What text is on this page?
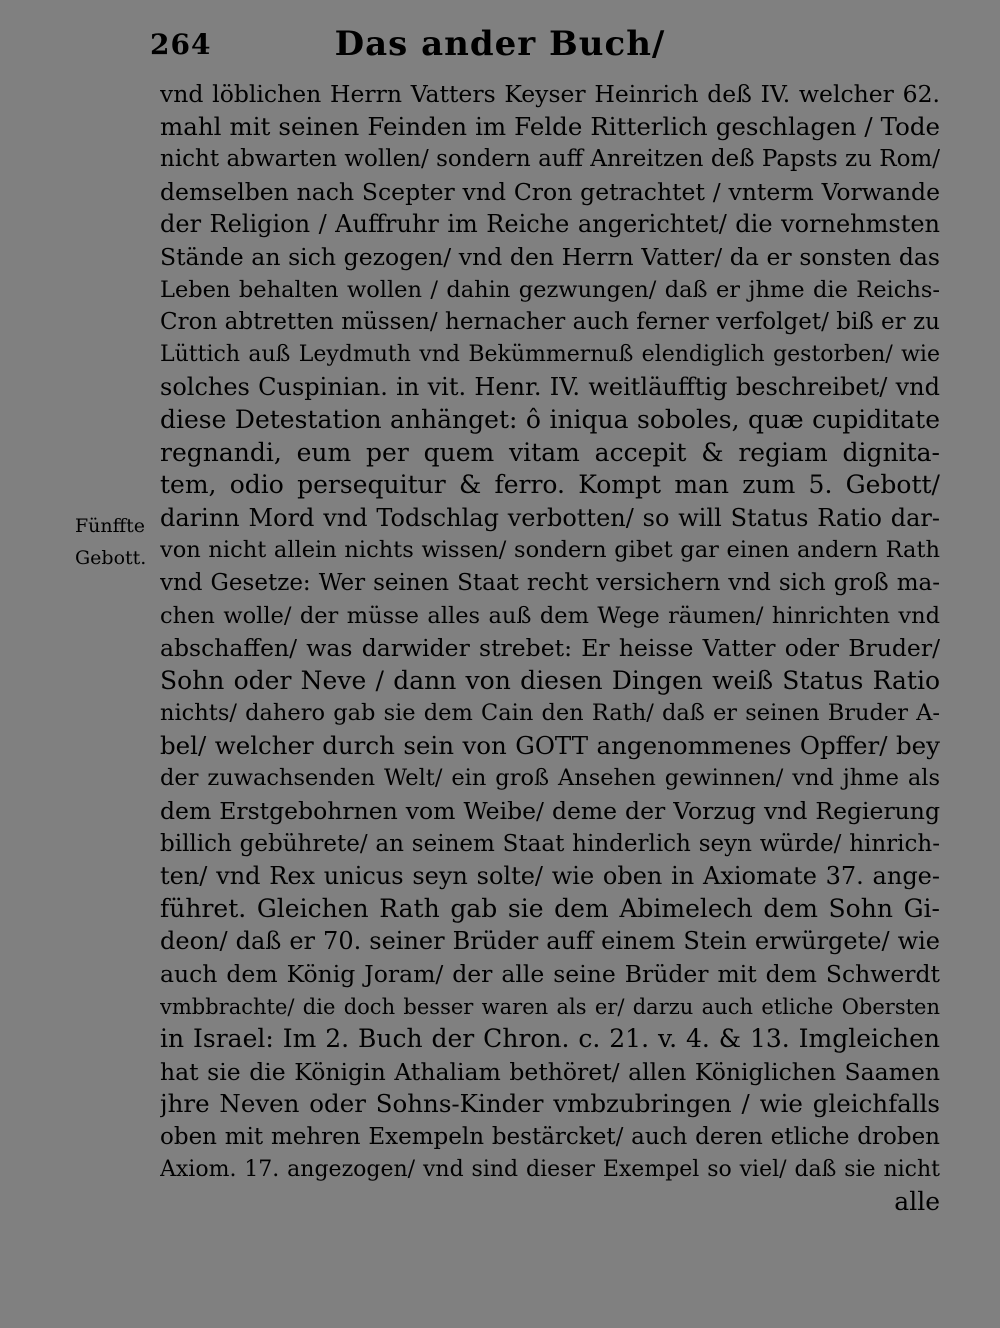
264	Das ander Buch/
Fünffte
Gebott.
vnd löblichen Herrn Vatters Keyser Heinrich deß IV. welcher 62.
mahl mit seinen Feinden im Felde Ritterlich geschlagen / Tode
nicht abwarten wollen/ sondern auff Anreitzen deß Papsts zu Rom/
demselben nach Scepter vnd Cron getrachtet / vnterm Vorwande
der Religion / Auffruhr im Reiche angerichtet/ die vornehmsten
Stände an sich gezogen/ vnd den Herrn Vatter/ da er sonsten das
Leben behalten wollen / dahin gezwungen/ daß er jhme die Reichs-
Cron abtretten müssen/ hernacher auch ferner verfolget/ biß er zu
Lüttich auß Leydmuth vnd Bekümmernuß elendiglich gestorben/ wie
solches Cuspinian. in vit. Henr. IV. weitläufftig beschreibet/ vnd
diese Detestation anhänget: ô iniqua soboles, quæ cupiditate
regnandi, eum per quem vitam accepit & regiam dignita-
tem, odio persequitur & ferro. Kompt man zum 5. Gebott/
darinn Mord vnd Todschlag verbotten/ so will Status Ratio dar-
von nicht allein nichts wissen/ sondern gibet gar einen andern Rath
vnd Gesetze: Wer seinen Staat recht versichern vnd sich groß ma-
chen wolle/ der müsse alles auß dem Wege räumen/ hinrichten vnd
abschaffen/ was darwider strebet: Er heisse Vatter oder Bruder/
Sohn oder Neve / dann von diesen Dingen weiß Status Ratio
nichts/ dahero gab sie dem Cain den Rath/ daß er seinen Bruder A-
bel/ welcher durch sein von GOTT angenommenes Opffer/ bey
der zuwachsenden Welt/ ein groß Ansehen gewinnen/ vnd jhme als
dem Erstgebohrnen vom Weibe/ deme der Vorzug vnd Regierung
billich gebührete/ an seinem Staat hinderlich seyn würde/ hinrich-
ten/ vnd Rex unicus seyn solte/ wie oben in Axiomate 37. ange-
führet. Gleichen Rath gab sie dem Abimelech dem Sohn Gi-
deon/ daß er 70. seiner Brüder auff einem Stein erwürgete/ wie
auch dem König Joram/ der alle seine Brüder mit dem Schwerdt
vmbbrachte/ die doch besser waren als er/ darzu auch etliche Obersten
in Israel: Im 2. Buch der Chron. c. 21. v. 4. & 13. Imgleichen
hat sie die Königin Athaliam bethöret/ allen Königlichen Saamen
jhre Neven oder Sohns-Kinder vmbzubringen / wie gleichfalls
oben mit mehren Exempeln bestärcket/ auch deren etliche droben
Axiom. 17. angezogen/ vnd sind dieser Exempel so viel/ daß sie nicht
alle
